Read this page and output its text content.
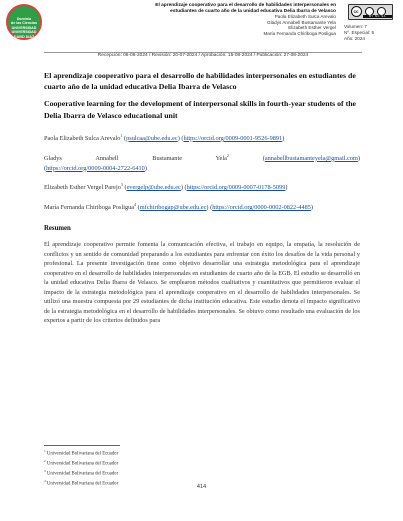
Dominio
de las Ciencias
UNIVERSIDAD
UNIVERSIDAD
DAVID DIAZ
El aprendizaje cooperativo para el desarrollo de habilidades interpersonales en
estudiantes de cuarto año de la unidad educativa Delia Ibarra de Velasco
Paola Elizabeth Sulca Arevalo
Gladys Annabell Bustamante Yela
Elizabeth Esther Vergel
María Fernanda Chiriboga Posligua
cc
BY NC SA
Volumen: 7
Nº. Especial: 5
Año: 2024
Recepción: 06-06-2024 / Revisión: 20-07-2024 / Aprobación: 15-08-2024 / Publicación: 27-08-2024
El aprendizaje cooperativo para el desarrollo de habilidades interpersonales en estudiantes de cuarto año de la unidad educativa Delia Ibarra de Velasco
Cooperative learning for the development of interpersonal skills in fourth-year students of the Delia Ibarra de Velasco educational unit
Paola Elizabeth Sulca Arevalo$^1$ (psulcaa@ube.edu.ec) (https://orcid.org/0009-0001-9526-9891)
Gladys Annabell Bustamante Yela$^2$ (annabellbustamanteyela@gmail.com)
(https://orcid.org/0009-0004-2722-6410)
Elizabeth Esther Vergel Parejo$^3$ (evergelp@ube.edu.ec) (https://orcid.org/0009-0007-0178-5099)
María Fernanda Chiriboga Posligua$^4$ (mfchiribogap@ube.edu.ec) (https://orcid.org/0000-0002-0822-4485)
Resumen
El aprendizaje cooperativo permite fomenta la comunicación efectiva, el trabajo en equipo, la empatía, la resolución de conflictos y un sentido de comunidad preparando a los estudiantes para enfrentar con éxito los desafíos de la vida personal y profesional. La presente investigación tiene como objetivo desarrollar una estrategia metodológica para el aprendizaje cooperativo en el desarrollo de habilidades interpersonales en estudiantes de cuarto año de la EGB. El estudio se desarrolló en la unidad educativa Delia Ibarra de Velasco. Se emplearon métodos cualitativos y cuantitativos que permitieron evaluar el impacto de la estrategia metodológica para el aprendizaje cooperativo en el desarrollo de habilidades interpersonales. Se utilizó una muestra compuesta por 29 estudiantes de dicha institución educativa. Este estudio denota el impacto significativo de la estrategia metodológica en el desarrollo de habilidades interpersonales. Se obtuvo como resultado una evaluación de los expertos a partir de los criterios definidos para
$^1$ Universidad Bolivariana del Ecuador
$^2$ Universidad Bolivariana del Ecuador
$^3$ Universidad Bolivariana del Ecuador
$^4$ Universidad Bolivariana del Ecuador	414
